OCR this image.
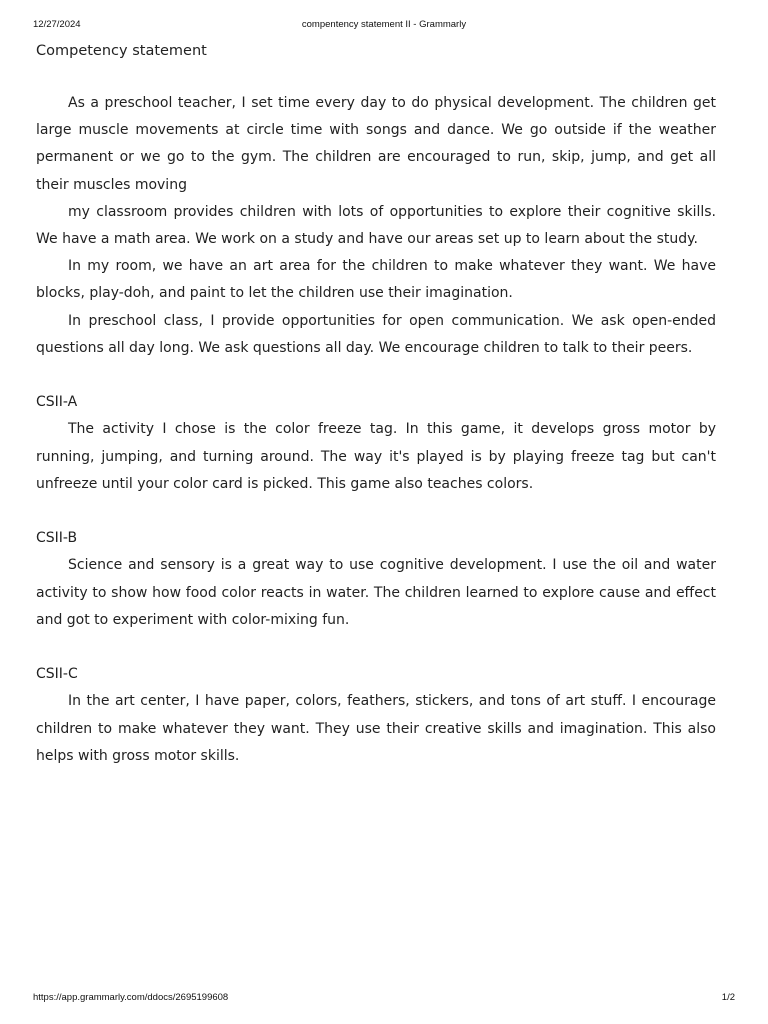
12/27/2024	compentency statement II - Grammarly
Competency statement

As a preschool teacher, I set time every day to do physical development. The children get large muscle movements at circle time with songs and dance. We go outside if the weather permanent or we go to the gym. The children are encouraged to run, skip, jump, and get all their muscles moving

my classroom provides children with lots of opportunities to explore their cognitive skills. We have a math area. We work on a study and have our areas set up to learn about the study.

In my room, we have an art area for the children to make whatever they want. We have blocks, play-doh, and paint to let the children use their imagination.

In preschool class, I provide opportunities for open communication. We ask open-ended questions all day long. We ask questions all day. We encourage children to talk to their peers.

CSII-A

The activity I chose is the color freeze tag. In this game, it develops gross motor by running, jumping, and turning around. The way it's played is by playing freeze tag but can't unfreeze until your color card is picked. This game also teaches colors.

CSII-B

Science and sensory is a great way to use cognitive development. I use the oil and water activity to show how food color reacts in water. The children learned to explore cause and effect and got to experiment with color-mixing fun.

CSII-C

In the art center, I have paper, colors, feathers, stickers, and tons of art stuff. I encourage children to make whatever they want. They use their creative skills and imagination. This also helps with gross motor skills.

https://app.grammarly.com/ddocs/2695199608	1/2
